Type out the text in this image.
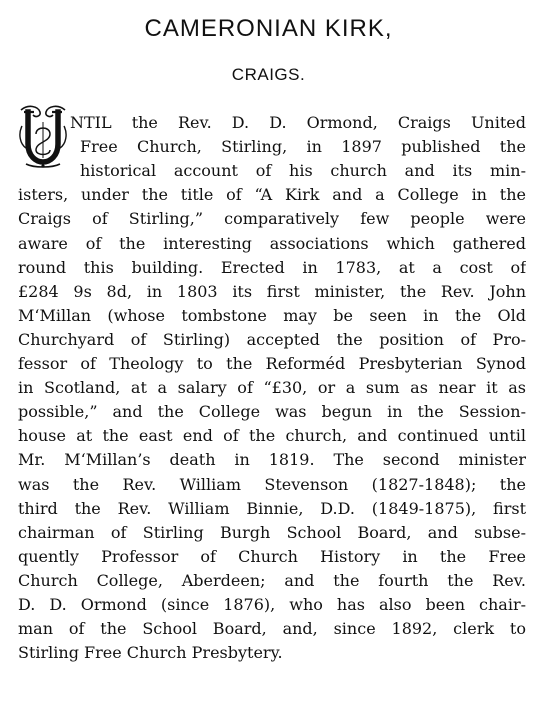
CAMERONIAN KIRK,
CRAIGS.
NTIL the Rev. D. D. Ormond, Craigs United
Free Church, Stirling, in 1897 published the
historical account of his church and its min-
isters, under the title of “A Kirk and a College in the
Craigs of Stirling,” comparatively few people were
aware of the interesting associations which gathered
round this building. Erected in 1783, at a cost of
£284 9s 8d, in 1803 its first minister, the Rev. John
M‘Millan (whose tombstone may be seen in the Old
Churchyard of Stirling) accepted the position of Pro-
fessor of Theology to the Reforméd Presbyterian Synod
in Scotland, at a salary of “£30, or a sum as near it as
possible,” and the College was begun in the Session-
house at the east end of the church, and continued until
Mr. M‘Millan’s death in 1819. The second minister
was the Rev. William Stevenson (1827-1848); the
third the Rev. William Binnie, D.D. (1849-1875), first
chairman of Stirling Burgh School Board, and subse-
quently Professor of Church History in the Free
Church College, Aberdeen; and the fourth the Rev.
D. D. Ormond (since 1876), who has also been chair-
man of the School Board, and, since 1892, clerk to
Stirling Free Church Presbytery.
